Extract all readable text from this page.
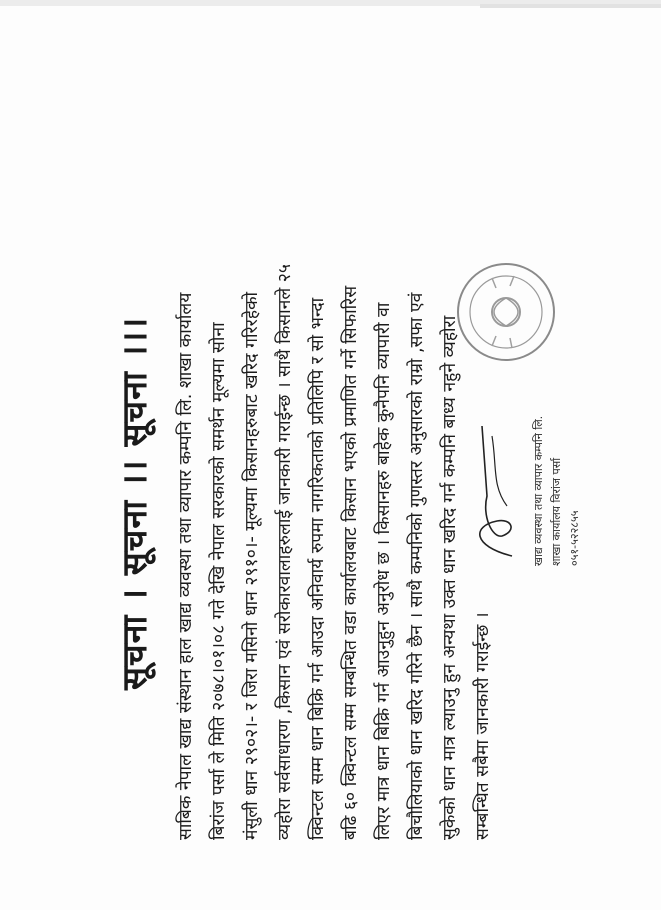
सूचना । सूचना ।। सूचना ।।।	साबिक नेपाल खाद्य संस्थान हाल खाद्य व्यवस्था तथा व्यापार कम्पनि लि. शाखा कार्यालय बिरांज पर्सा ले मिति २०७८।०१।०८ गते देखि नेपाल सरकारको समर्थन मूल्यमा सोना मंसुली धान २९०२।- र जिरा मसिनो धान २९१०।- मूल्यमा किसानहरुबाट खरिद गरिरहेको व्यहोरा सर्वसाधारण ,किसान एवं सरोकारवालाहरुलाई जानकारी गराईन्छ । साथै किसानले २५ क्विन्टल सम्म धान बिक्रि गर्न आउदा अनिवार्य रुपमा नागरिकताको प्रतिलिपि र सो भन्दा बढि ६० क्विन्टल सम्म सम्बन्धित वडा कार्यालयबाट किसान भएको प्रमाणित गर्ने सिफारिस लिएर मात्र धान बिक्रि गर्न आउनुहुन अनुरोध छ । किसानहरु बाहेक कुनैपनि व्यापारी वा बिचौलियाको धान खरिद गरिने छैन । साथै कम्पनिको गुणस्तर अनुसारको राम्रो ,सफा एवं सुकेको धान मात्र ल्याउनु हुन अन्यथा उक्त धान खरिद गर्न कम्पनि बाध्य नहुने व्यहोरा सम्बन्धित सबैमा जानकारी गराईन्छ ।
खाद्य व्यवस्था तथा व्यापार कम्पनि लि. शाखा कार्यालय विरांज पर्सा ०५१-५२२८५५
